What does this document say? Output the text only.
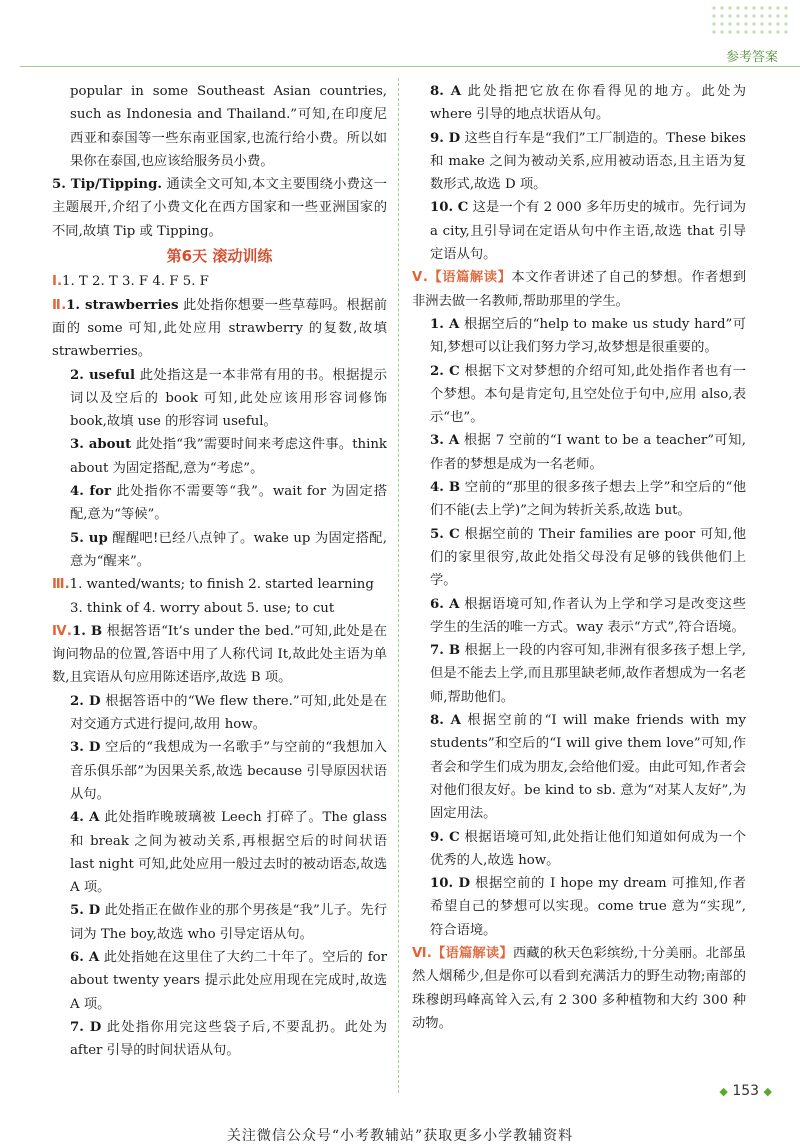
参考答案

popular in some Southeast Asian countries, such as Indonesia and Thailand.”可知,在印度尼西亚和泰国等一些东南亚国家,也流行给小费。所以如果你在泰国,也应该给服务员小费。

5. Tip/Tipping. 通读全文可知,本文主要围绕小费这一主题展开,介绍了小费文化在西方国家和一些亚洲国家的不同,故填 Tip 或 Tipping。

第6天 滚动训练

Ⅰ.1. T 2. T 3. F 4. F 5. F

Ⅱ.1. strawberries 此处指你想要一些草莓吗。根据前面的 some 可知,此处应用 strawberry 的复数,故填 strawberries。

2. useful 此处指这是一本非常有用的书。根据提示词以及空后的 book 可知,此处应该用形容词修饰 book,故填 use 的形容词 useful。

3. about 此处指“我”需要时间来考虑这件事。think about 为固定搭配,意为“考虑”。

4. for 此处指你不需要等“我”。wait for 为固定搭配,意为“等候”。

5. up 醒醒吧!已经八点钟了。wake up 为固定搭配,意为“醒来”。

Ⅲ.1. wanted/wants; to finish 2. started learning

3. think of 4. worry about 5. use; to cut

Ⅳ.1. B 根据答语“It’s under the bed.”可知,此处是在询问物品的位置,答语中用了人称代词 It,故此处主语为单数,且宾语从句应用陈述语序,故选 B 项。

2. D 根据答语中的“We flew there.”可知,此处是在对交通方式进行提问,故用 how。

3. D 空后的“我想成为一名歌手”与空前的“我想加入音乐俱乐部”为因果关系,故选 because 引导原因状语从句。

4. A 此处指昨晚玻璃被 Leech 打碎了。The glass 和 break 之间为被动关系,再根据空后的时间状语 last night 可知,此处应用一般过去时的被动语态,故选 A 项。

5. D 此处指正在做作业的那个男孩是“我”儿子。先行词为 The boy,故选 who 引导定语从句。

6. A 此处指她在这里住了大约二十年了。空后的 for about twenty years 提示此处应用现在完成时,故选 A 项。

7. D 此处指你用完这些袋子后,不要乱扔。此处为 after 引导的时间状语从句。

8. A 此处指把它放在你看得见的地方。此处为 where 引导的地点状语从句。

9. D 这些自行车是“我们”工厂制造的。These bikes 和 make 之间为被动关系,应用被动语态,且主语为复数形式,故选 D 项。

10. C 这是一个有 2 000 多年历史的城市。先行词为 a city,且引导词在定语从句中作主语,故选 that 引导定语从句。

Ⅴ.【语篇解读】本文作者讲述了自己的梦想。作者想到非洲去做一名教师,帮助那里的学生。

1. A 根据空后的“help to make us study hard”可知,梦想可以让我们努力学习,故梦想是很重要的。

2. C 根据下文对梦想的介绍可知,此处指作者也有一个梦想。本句是肯定句,且空处位于句中,应用 also,表示“也”。

3. A 根据 7 空前的“I want to be a teacher”可知,作者的梦想是成为一名老师。

4. B 空前的“那里的很多孩子想去上学”和空后的“他们不能(去上学)”之间为转折关系,故选 but。

5. C 根据空前的 Their families are poor 可知,他们的家里很穷,故此处指父母没有足够的钱供他们上学。

6. A 根据语境可知,作者认为上学和学习是改变这些学生的生活的唯一方式。way 表示“方式”,符合语境。

7. B 根据上一段的内容可知,非洲有很多孩子想上学,但是不能去上学,而且那里缺老师,故作者想成为一名老师,帮助他们。

8. A 根据空前的“I will make friends with my students”和空后的“I will give them love”可知,作者会和学生们成为朋友,会给他们爱。由此可知,作者会对他们很友好。be kind to sb. 意为“对某人友好”,为固定用法。

9. C 根据语境可知,此处指让他们知道如何成为一个优秀的人,故选 how。

10. D 根据空前的 I hope my dream 可推知,作者希望自己的梦想可以实现。come true 意为“实现”,符合语境。

Ⅵ.【语篇解读】西藏的秋天色彩缤纷,十分美丽。北部虽然人烟稀少,但是你可以看到充满活力的野生动物;南部的珠穆朗玛峰高耸入云,有 2 300 多种植物和大约 300 种动物。

◆ 153 ◆
关注微信公众号“小考教辅站”获取更多小学教辅资料
